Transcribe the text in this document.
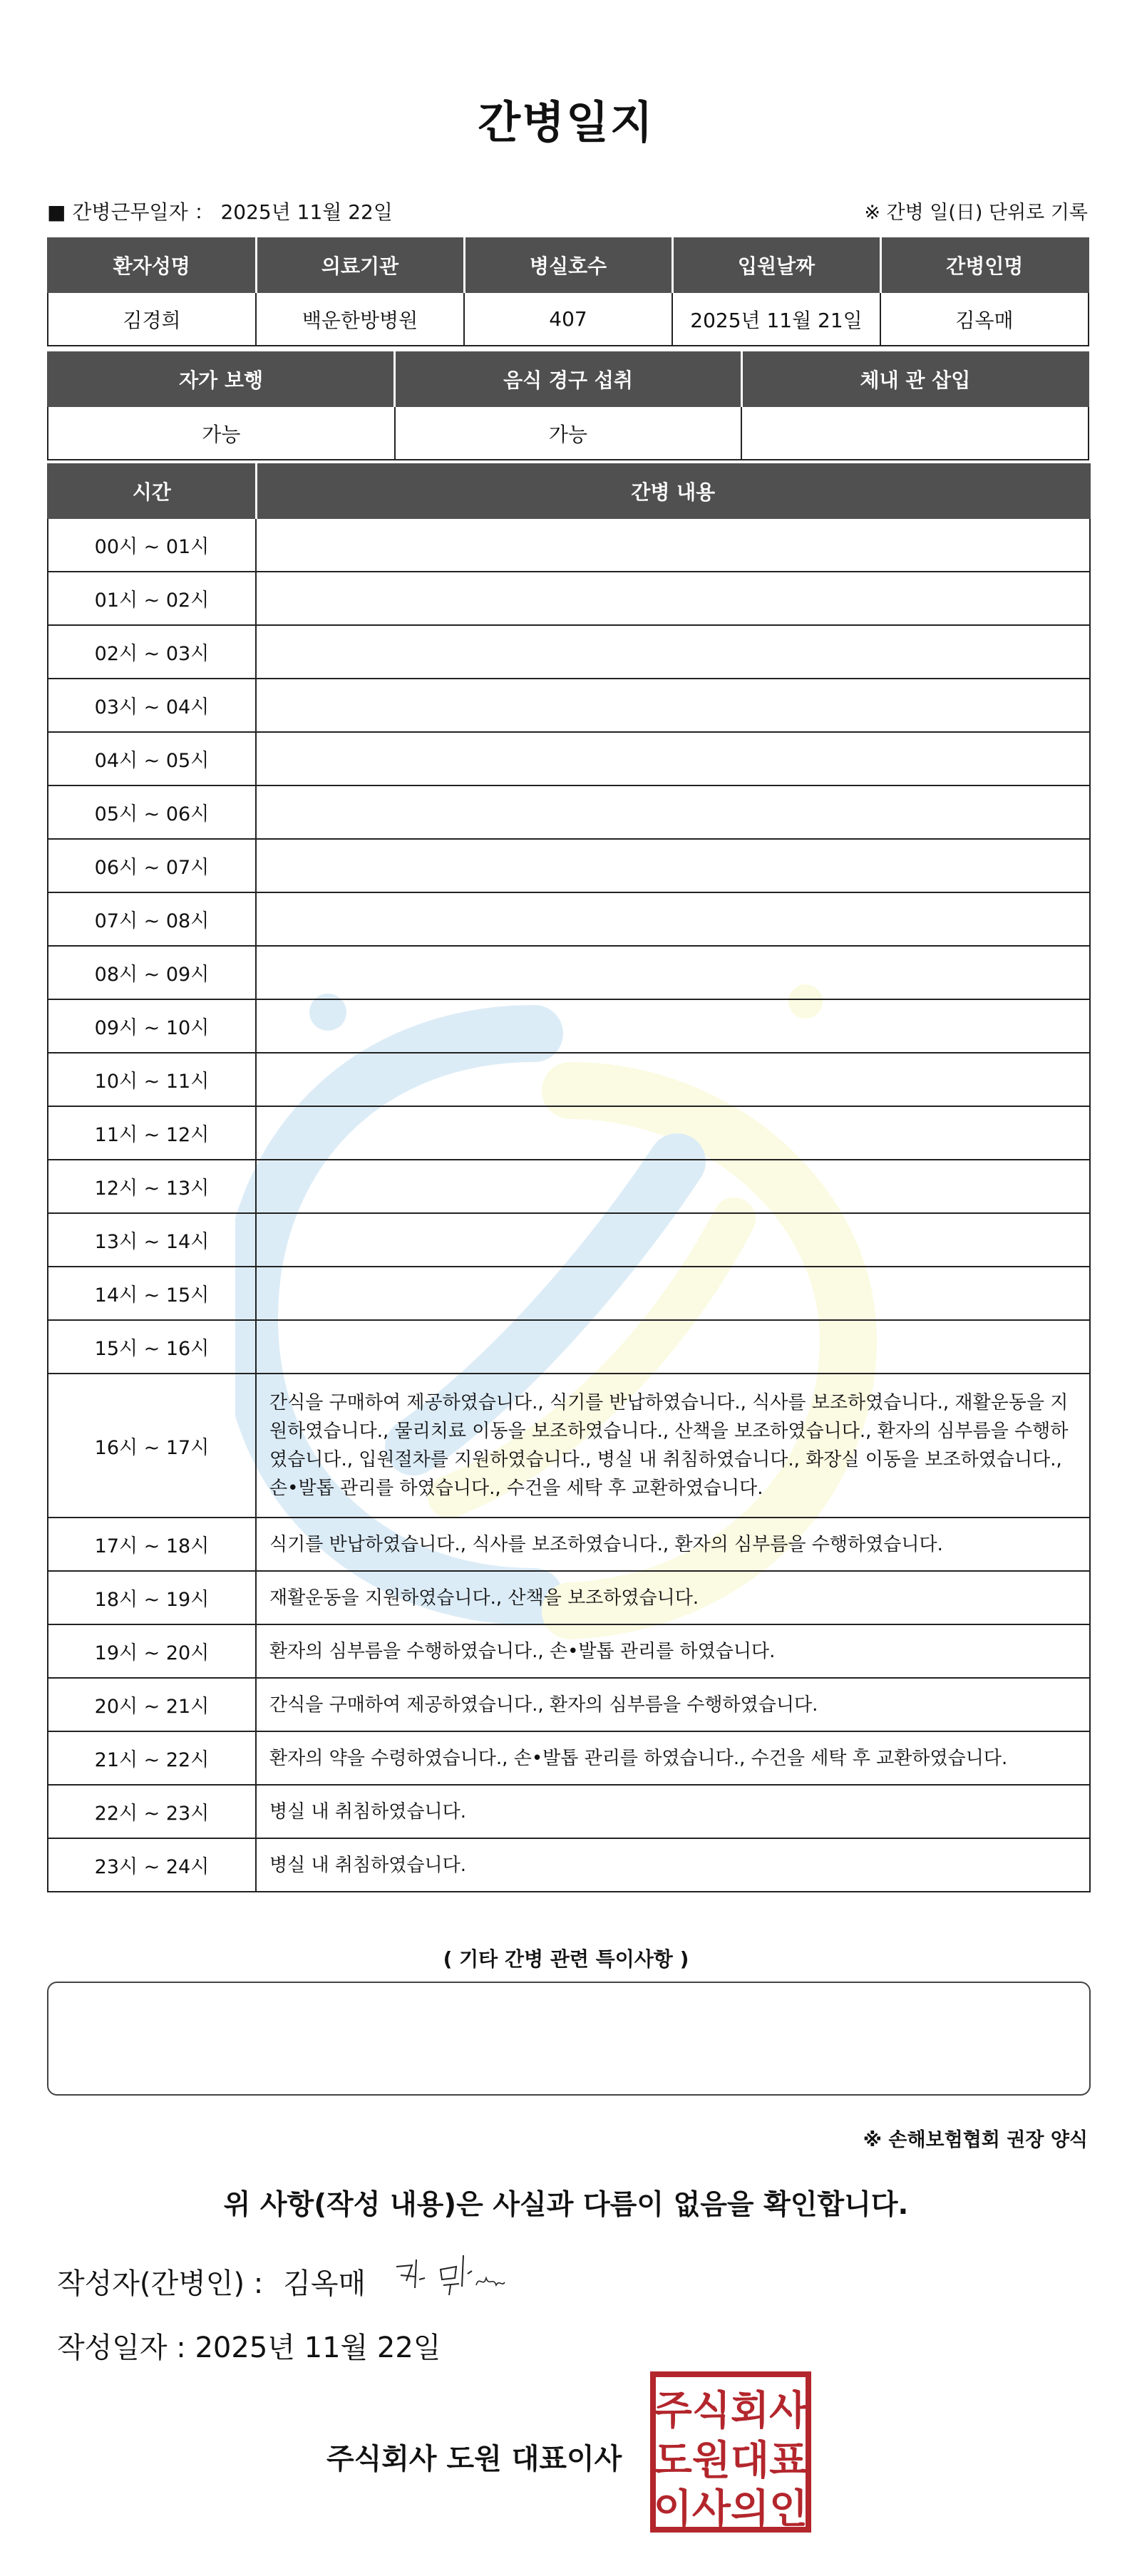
간병일지
■ 간병근무일자 ： 2025년 11월 22일	※ 간병 일(日) 단위로 기록
환자성명	의료기관	병실호수	입원날짜	간병인명
김경희	백운한방병원	407	2025년 11월 21일	김옥매
자가 보행	음식 경구 섭취	체내 관 삽입
가능	가능	
시간	간병 내용
00시 ~ 01시	
01시 ~ 02시	
02시 ~ 03시	
03시 ~ 04시	
04시 ~ 05시	
05시 ~ 06시	
06시 ~ 07시	
07시 ~ 08시	
08시 ~ 09시	
09시 ~ 10시	
10시 ~ 11시	
11시 ~ 12시	
12시 ~ 13시	
13시 ~ 14시	
14시 ~ 15시	
15시 ~ 16시	
16시 ~ 17시	간식을 구매하여 제공하였습니다., 식기를 반납하였습니다., 식사를 보조하였습니다., 재활운동을 지원하였습니다., 물리치료 이동을 보조하였습니다., 산책을 보조하였습니다., 환자의 심부름을 수행하였습니다., 입원절차를 지원하였습니다., 병실 내 취침하였습니다., 화장실 이동을 보조하였습니다., 손•발톱 관리를 하였습니다., 수건을 세탁 후 교환하였습니다.
17시 ~ 18시	식기를 반납하였습니다., 식사를 보조하였습니다., 환자의 심부름을 수행하였습니다.
18시 ~ 19시	재활운동을 지원하였습니다., 산책을 보조하였습니다.
19시 ~ 20시	환자의 심부름을 수행하였습니다., 손•발톱 관리를 하였습니다.
20시 ~ 21시	간식을 구매하여 제공하였습니다., 환자의 심부름을 수행하였습니다.
21시 ~ 22시	환자의 약을 수령하였습니다., 손•발톱 관리를 하였습니다., 수건을 세탁 후 교환하였습니다.
22시 ~ 23시	병실 내 취침하였습니다.
23시 ~ 24시	병실 내 취침하였습니다.
( 기타 간병 관련 특이사항 )
※ 손해보험협회 권장 양식
위 사항(작성 내용)은 사실과 다름이 없음을 확인합니다.
작성자(간병인) : 김옥매
작성일자 : 2025년 11월 22일
주식회사 도원 대표이사
주식회사
도원대표
이사의인
